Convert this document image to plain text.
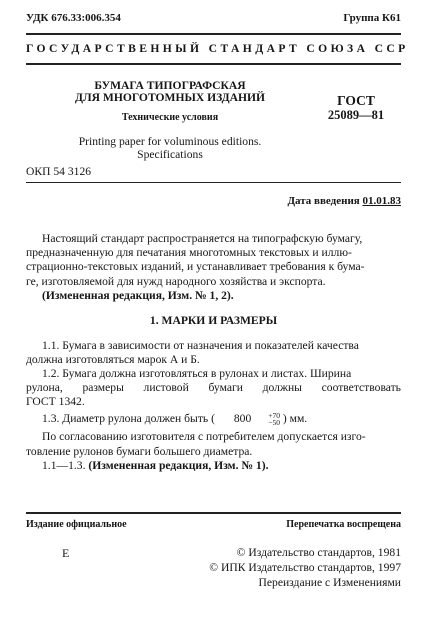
УДК 676.33:006.354	Группа К61
ГОСУДАРСТВЕННЫЙ СТАНДАРТ СОЮЗА ССР
БУМАГА ТИПОГРАФСКАЯ
ДЛЯ МНОГОТОМНЫХ ИЗДАНИЙ
Технические условия
Printing paper for voluminous editions.
Specifications
ОКП 54 3126
ГОСТ
25089—81
Дата введения 01.01.83
Настоящий стандарт распространяется на типографскую бумагу,
предназначенную для печатания многотомных текстовых и иллю-
страционно-текстовых изданий, и устанавливает требования к бума-
ге, изготовляемой для нужд народного хозяйства и экспорта.
(Измененная редакция, Изм. № 1, 2).
1. МАРКИ И РАЗМЕРЫ
1.1. Бумага в зависимости от назначения и показателей качества
должна изготовляться марок А и Б.
1.2. Бумага должна изготовляться в рулонах и листах. Ширина
рулона, размеры листовой бумаги должны соответствовать
ГОСТ 1342.
1.3. Диаметр рулона должен быть ( 800	+70
−50 ) мм.
По согласованию изготовителя с потребителем допускается изго-
товление рулонов бумаги большего диаметра.
1.1—1.3. (Измененная редакция, Изм. № 1).
Издание официальное	Перепечатка воспрещена
E	© Издательство стандартов, 1981
© ИПК Издательство стандартов, 1997
Переиздание с Изменениями
